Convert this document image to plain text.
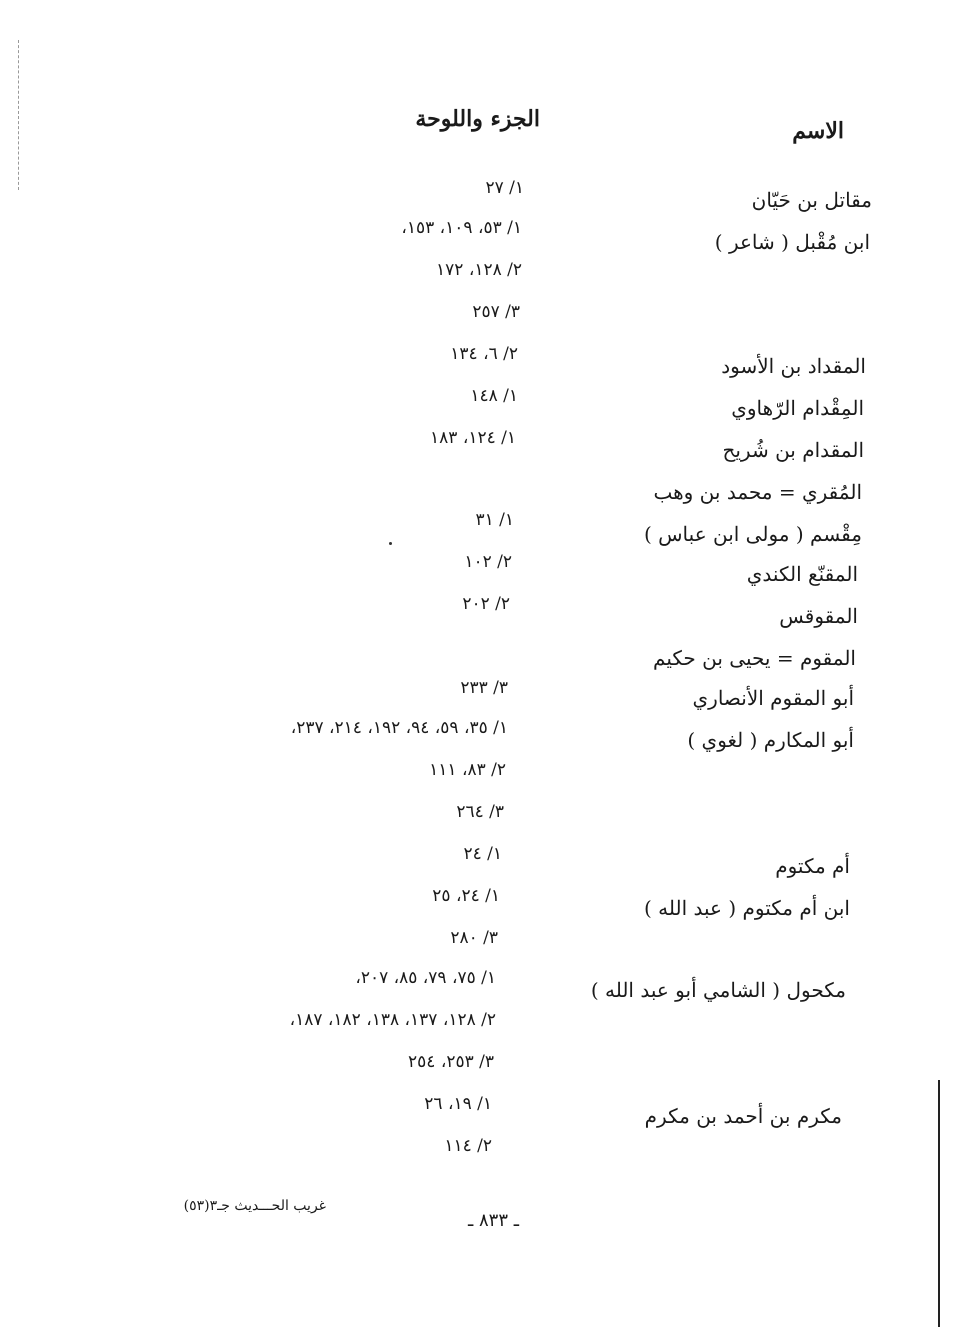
الاسم
الجزء واللوحة
مقاتل بن حَيّان
ابن مُقْبل ( شاعر )
المقداد بن الأسود
المِقْدام الرّهاوي
المقدام بن شُريح
المُقري = محمد بن وهب
مِقْسم ( مولى ابن عباس )
المقنّع الكندي
المقوقس
المقوم = يحيى بن حكيم
أبو المقوم الأنصاري
أبو المكارم ( لغوي )
أم مكتوم
ابن أم مكتوم ( عبد الله )
مكحول ( الشامي أبو عبد الله )
مكرم بن أحمد بن مكرم
١/ ٢٧
١/ ٥٣، ١٠٩، ١٥٣،
٢/ ١٢٨، ١٧٢
٣/ ٢٥٧
٢/ ٦، ١٣٤
١/ ١٤٨
١/ ١٢٤، ١٨٣
١/ ٣١
٢/ ١٠٢
٢/ ٢٠٢
٣/ ٢٣٣
١/ ٣٥، ٥٩، ٩٤، ١٩٢، ٢١٤، ٢٣٧،
٢/ ٨٣، ١١١
٣/ ٢٦٤
١/ ٢٤
١/ ٢٤، ٢٥
٣/ ٢٨٠
١/ ٧٥، ٧٩، ٨٥، ٢٠٧،
٢/ ١٢٨، ١٣٧، ١٣٨، ١٨٢، ١٨٧،
٣/ ٢٥٣، ٢٥٤
١/ ١٩، ٢٦
٢/ ١١٤
غريب الحـــديث جـ٣(٥٣)
ـ ٨٣٣ ـ
